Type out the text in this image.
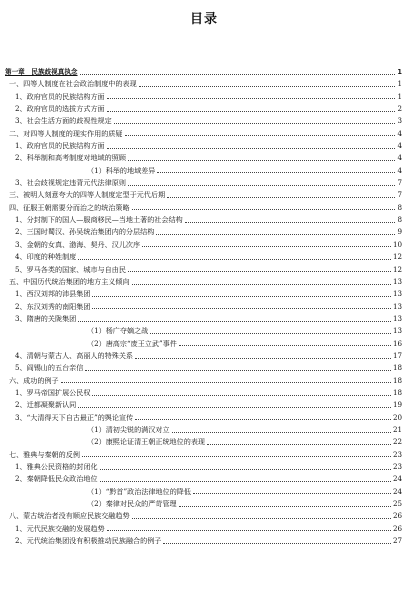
目录
第一章　民族歧视真执念	1
一、四等人制度在社会政治制度中的表现	1
1、政府官员的民族结构方面	1
2、政府官员的选拔方式方面	2
3、社会生活方面的歧视性规定	3
二、对四等人制度的现实作用的质疑	4
1、政府官员的民族结构方面	4
2、科举制和高考制度对地域的照顾	4
（1）科举的地域差异	4
3、社会歧视规定违背元代法律原则	7
三、被明人刻意夸大的四等人制度定型于元代后期	7
四、征服王朝需要分而治之的统治策略	8
1、分封制下的国人—服商移民—当地土著的社会结构	8
2、三国时蜀汉、孙吴统治集团内的分层结构	9
3、金朝的女真、渤海、契丹、汉儿次序	10
4、印度的种姓制度	12
5、罗马各类的国家、城市与自由民	12
五、中国历代统治集团的地方主义倾向	13
1、西汉刘邦的沛县集团	13
2、东汉刘秀的南阳集团	13
3、隋唐的关陇集团	13
（1）杨广夺嫡之战	13
（2）唐高宗“废王立武”事件	16
4、清朝与蒙古人、高丽人的特殊关系	17
5、阎锡山的五台亲信	18
六、成功的例子	18
1、罗马帝国扩展公民权	18
2、迁都凝聚新认同	19
3、“大清得天下自古最正”的舆论宣传	20
（1）清初尖锐的满汉对立	21
（2）康熙论证清王朝正统地位的表现	22
七、雅典与秦朝的反例	23
1、雅典公民资格的封闭化	23
2、秦朝降低民众政治地位	24
（1）“黔首”政治法律地位的降低	24
（2）秦律对民众的严苛管理	25
八、蒙古统治者没有顺应民族交融趋势	26
1、元代民族交融的发展趋势	26
2、元代统治集团没有积极推动民族融合的例子	27
